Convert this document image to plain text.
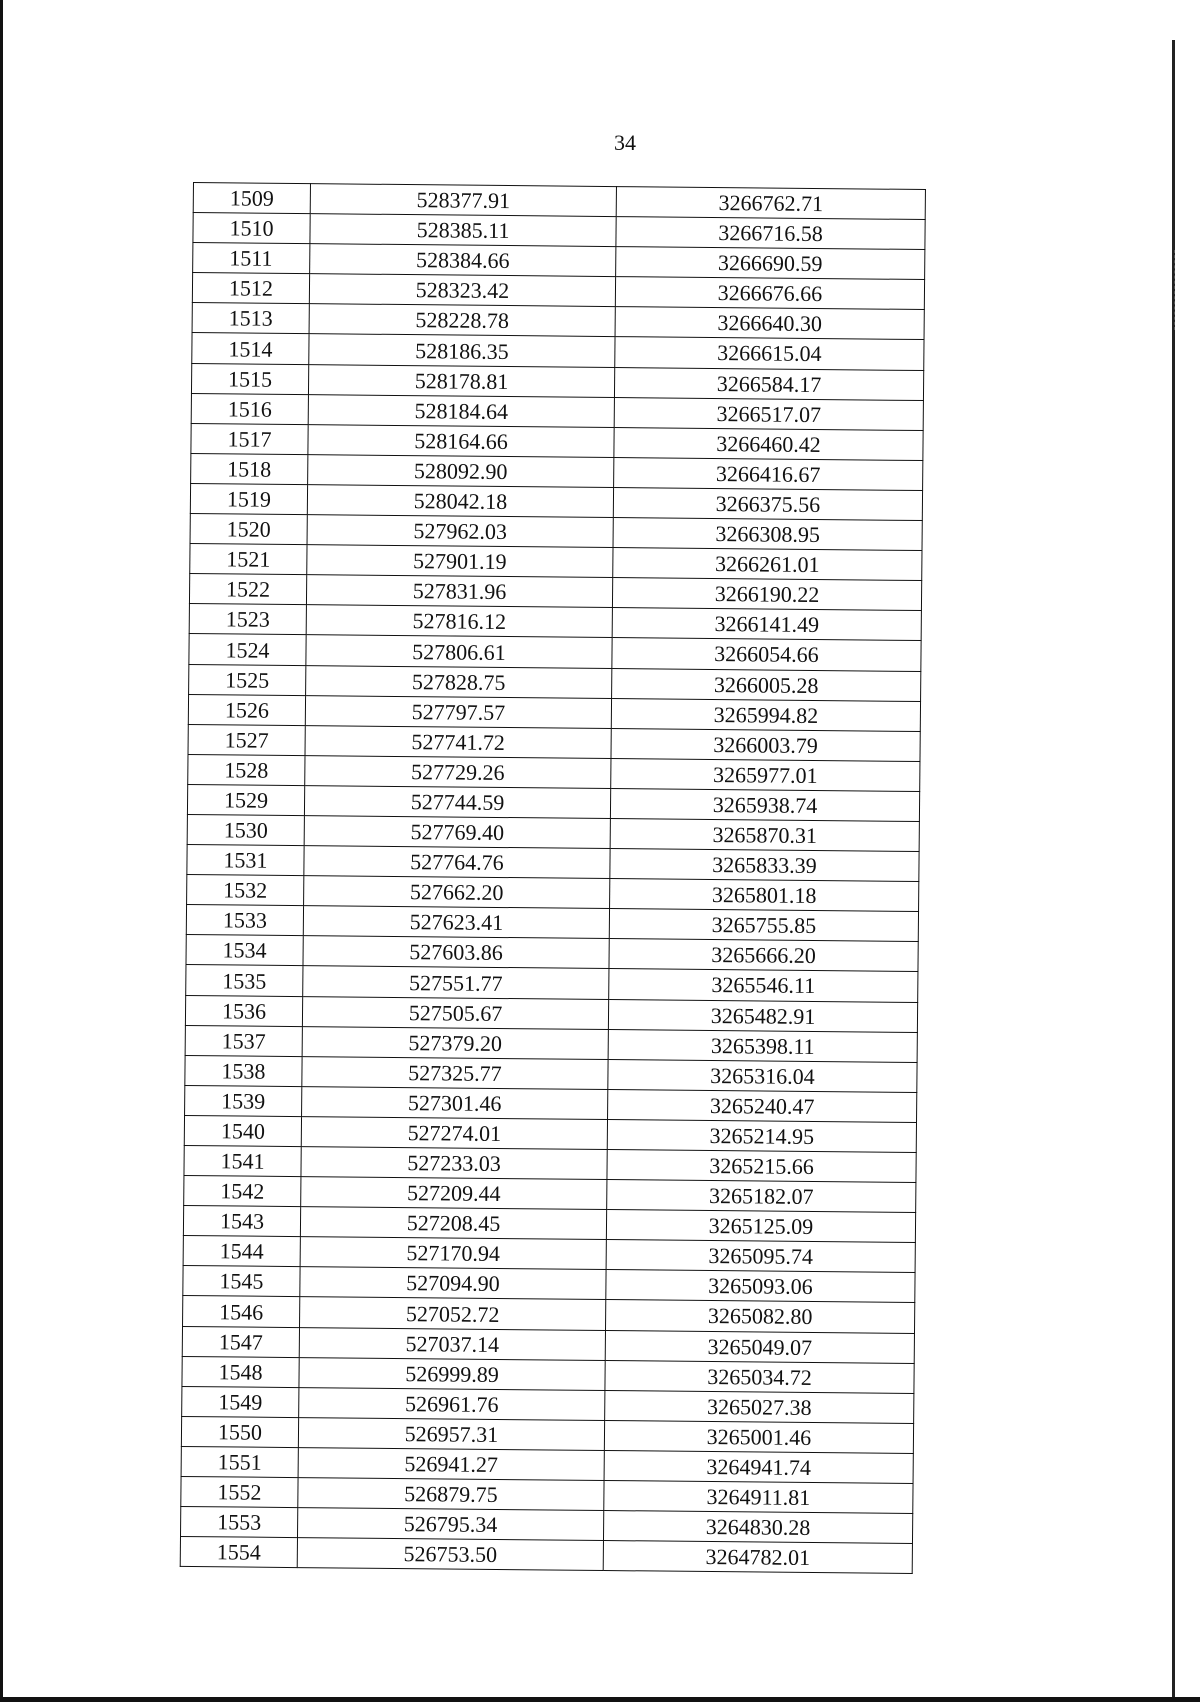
34
1509	528377.91	3266762.71
1510	528385.11	3266716.58
1511	528384.66	3266690.59
1512	528323.42	3266676.66
1513	528228.78	3266640.30
1514	528186.35	3266615.04
1515	528178.81	3266584.17
1516	528184.64	3266517.07
1517	528164.66	3266460.42
1518	528092.90	3266416.67
1519	528042.18	3266375.56
1520	527962.03	3266308.95
1521	527901.19	3266261.01
1522	527831.96	3266190.22
1523	527816.12	3266141.49
1524	527806.61	3266054.66
1525	527828.75	3266005.28
1526	527797.57	3265994.82
1527	527741.72	3266003.79
1528	527729.26	3265977.01
1529	527744.59	3265938.74
1530	527769.40	3265870.31
1531	527764.76	3265833.39
1532	527662.20	3265801.18
1533	527623.41	3265755.85
1534	527603.86	3265666.20
1535	527551.77	3265546.11
1536	527505.67	3265482.91
1537	527379.20	3265398.11
1538	527325.77	3265316.04
1539	527301.46	3265240.47
1540	527274.01	3265214.95
1541	527233.03	3265215.66
1542	527209.44	3265182.07
1543	527208.45	3265125.09
1544	527170.94	3265095.74
1545	527094.90	3265093.06
1546	527052.72	3265082.80
1547	527037.14	3265049.07
1548	526999.89	3265034.72
1549	526961.76	3265027.38
1550	526957.31	3265001.46
1551	526941.27	3264941.74
1552	526879.75	3264911.81
1553	526795.34	3264830.28
1554	526753.50	3264782.01
